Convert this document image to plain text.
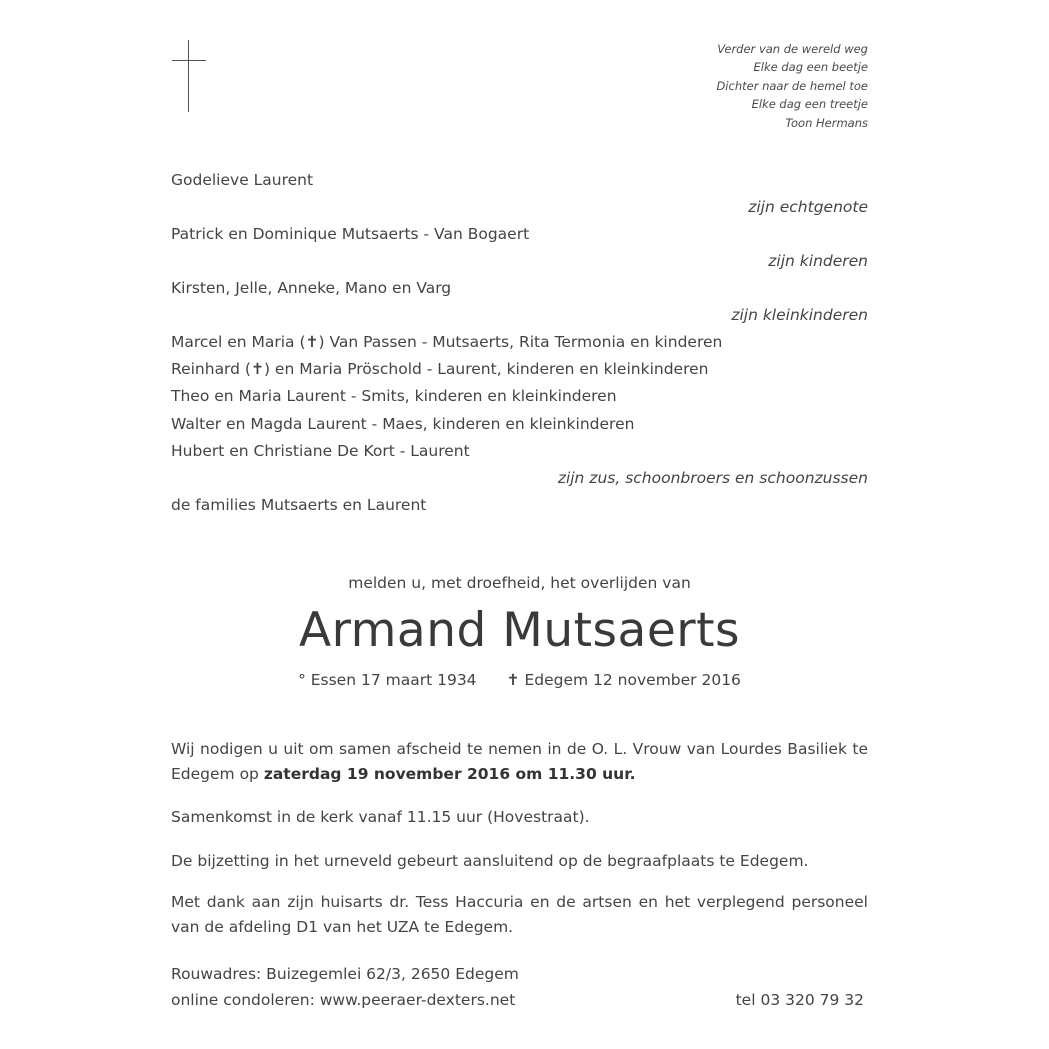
Verder van de wereld weg
Elke dag een beetje
Dichter naar de hemel toe
Elke dag een treetje
Toon Hermans

Godelieve Laurent

zijn echtgenote

Patrick en Dominique Mutsaerts - Van Bogaert

zijn kinderen

Kirsten, Jelle, Anneke, Mano en Varg

zijn kleinkinderen

Marcel en Maria (✝) Van Passen - Mutsaerts, Rita Termonia en kinderen

Reinhard (✝) en Maria Pröschold - Laurent, kinderen en kleinkinderen

Theo en Maria Laurent - Smits, kinderen en kleinkinderen

Walter en Magda Laurent - Maes, kinderen en kleinkinderen

Hubert en Christiane De Kort - Laurent

zijn zus, schoonbroers en schoonzussen

de families Mutsaerts en Laurent

melden u, met droefheid, het overlijden van

Armand Mutsaerts

° Essen 17 maart 1934 ✝ Edegem 12 november 2016

Wij nodigen u uit om samen afscheid te nemen in de O. L. Vrouw van Lourdes Basiliek te Edegem op zaterdag 19 november 2016 om 11.30 uur.

Samenkomst in de kerk vanaf 11.15 uur (Hovestraat).

De bijzetting in het urneveld gebeurt aansluitend op de begraafplaats te Edegem.

Met dank aan zijn huisarts dr. Tess Haccuria en de artsen en het verplegend personeel van de afdeling D1 van het UZA te Edegem.

Rouwadres: Buizegemlei 62/3, 2650 Edegem

online condoleren: www.peeraer-dexters.net	tel 03 320 79 32
